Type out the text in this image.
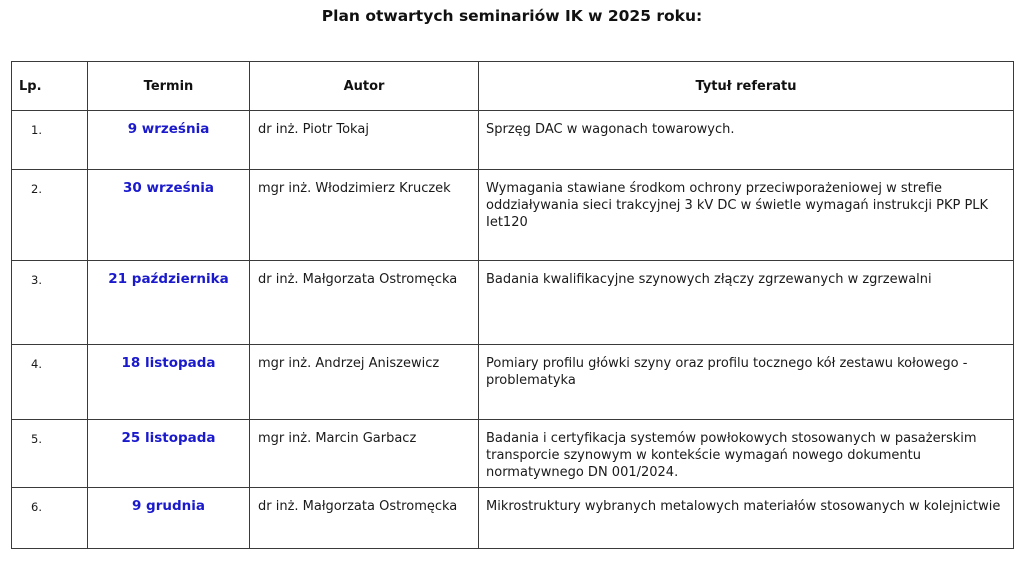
Plan otwartych seminariów IK w 2025 roku:
Lp.	Termin	Autor	Tytuł referatu
1.	9 września	dr inż. Piotr Tokaj	Sprzęg DAC w wagonach towarowych.
2.	30 września	mgr inż. Włodzimierz Kruczek	Wymagania stawiane środkom ochrony przeciwporażeniowej w strefie oddziaływania sieci trakcyjnej 3 kV DC w świetle wymagań instrukcji PKP PLK Iet120
3.	21 października	dr inż. Małgorzata Ostromęcka	Badania kwalifikacyjne szynowych złączy zgrzewanych w zgrzewalni
4.	18 listopada	mgr inż. Andrzej Aniszewicz	Pomiary profilu główki szyny oraz profilu tocznego kół zestawu kołowego - problematyka
5.	25 listopada	mgr inż. Marcin Garbacz	Badania i certyfikacja systemów powłokowych stosowanych w pasażerskim transporcie szynowym w kontekście wymagań nowego dokumentu normatywnego DN 001/2024.
6.	9 grudnia	dr inż. Małgorzata Ostromęcka	Mikrostruktury wybranych metalowych materiałów stosowanych w kolejnictwie
